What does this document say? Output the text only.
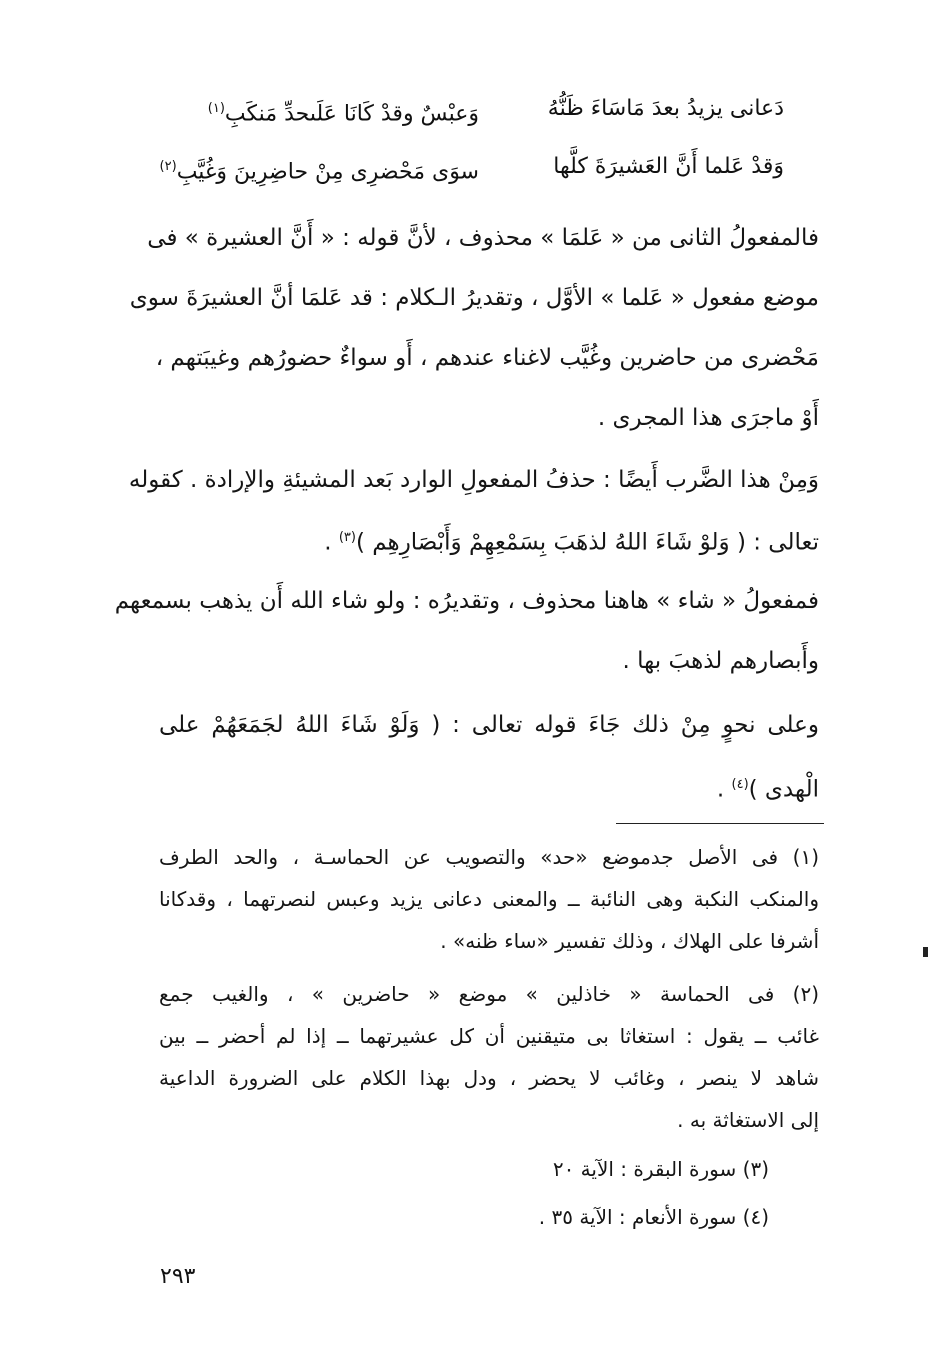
دَعانى يزيدُ بعدَ مَاسَاءَ ظَنُّهُ
وَعبْسٌ وقدْ كَانَا عَلَىحدِّ مَنكَبِ$^{(١)}$
وَقدْ عَلما أَنَّ العَشيرَةَ كلَّها
سوَى مَحْضرِى مِنْ حاضِرِينَ وَغُيَّبِ$^{(٢)}$
فالمفعولُ الثانى من « عَلمَا » محذوف ، لأنَّ قوله : « أَنَّ العشيرة » فى
موضع مفعول « عَلما » الأوَّل ، وتقديرُ الـكلام : قد عَلمَا أنَّ العشيرَةَ سوى
مَحْضرى من حاضرين وغُيَّب لاغناء عندهم ، أَو سواءٌ حضورُهم وغيبَتهم ،
أَوْ ماجرَى هذا المجرى .
وَمِنْ هذا الضَّرب أَيضًا : حذفُ المفعولِ الوارد بَعد المشيئةِ والإرادة . كقوله
تعالى : ( وَلوْ شَاءَ اللهُ لذهَبَ بِسَمْعِهِمْ وَأَبْصَارِهِم )$^{(٣)}$ .
فمفعولُ « شاء » هاهنا محذوف ، وتقديرُه : ولو شاء الله أَن يذهب بسمعهم
وأَبصارهم لذهبَ بها .
وعلى نحوٍ مِنْ ذلك جَاءَ قوله تعالى : ( وَلَوْ شَاءَ اللهُ لجَمَعَهُمْ على
الْهدى )$^{(٤)}$ .
(١) فى الأصل جدموضع «حد» والتصويب عن الحماسـة ، والحد الطرف
والمنكب النكبة وهى النائبة ــ والمعنى دعانى يزيد وعبس لنصرتهما ، وقدكانا
أشرفا على الهلاك ، وذلك تفسير «ساء ظنه» .
(٢) فى الحماسة « خاذلين » موضع « حاضرين » ، والغيب جمع
غائب ــ يقول : استغاثا بى متيقنين أن كل عشيرتهما ــ إذا لم أحضر ــ بين
شاهد لا ينصر ، وغائب لا يحضر ، ودل بهذا الكلام على الضرورة الداعية
إلى الاستغاثة به .
(٣) سورة البقرة : الآية ٢٠
(٤) سورة الأنعام : الآية ٣٥ .
٢٩٣
